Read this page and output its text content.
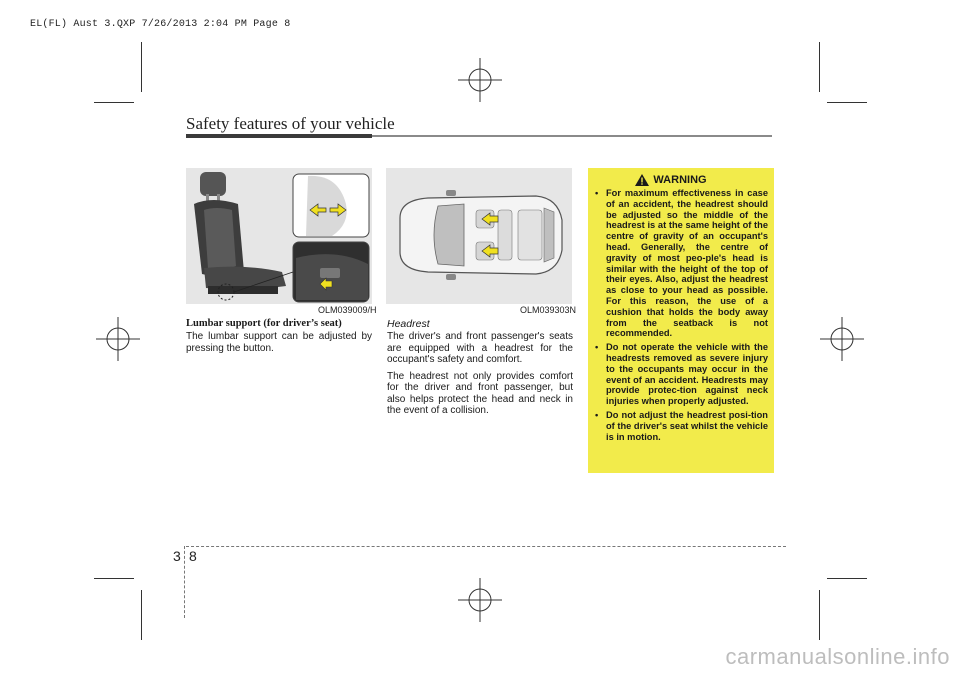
EL(FL) Aust 3.QXP 7/26/2013 2:04 PM Page 8
Safety features of your vehicle
OLM039009/H	OLM039303N
Lumbar support (for driver’s seat)

The lumbar support can be adjusted by pressing the button.

Headrest

The driver's and front passenger's seats are equipped with a headrest for the occupant's safety and comfort.

The headrest not only provides comfort for the driver and front passenger, but also helps protect the head and neck in the event of a collision.

WARNING
• For maximum effectiveness in case of an accident, the headrest should be adjusted so the middle of the headrest is at the same height of the centre of gravity of an occupant's head. Generally, the centre of gravity of most peo-ple's head is similar with the height of the top of their eyes. Also, adjust the headrest as close to your head as possible. For this reason, the use of a cushion that holds the body away from the seatback is not recommended.
• Do not operate the vehicle with the headrests removed as severe injury to the occupants may occur in the event of an accident. Headrests may provide protec-tion against neck injuries when properly adjusted.
• Do not adjust the headrest posi-tion of the driver's seat whilst the vehicle is in motion.
3 8
carmanualsonline.info
